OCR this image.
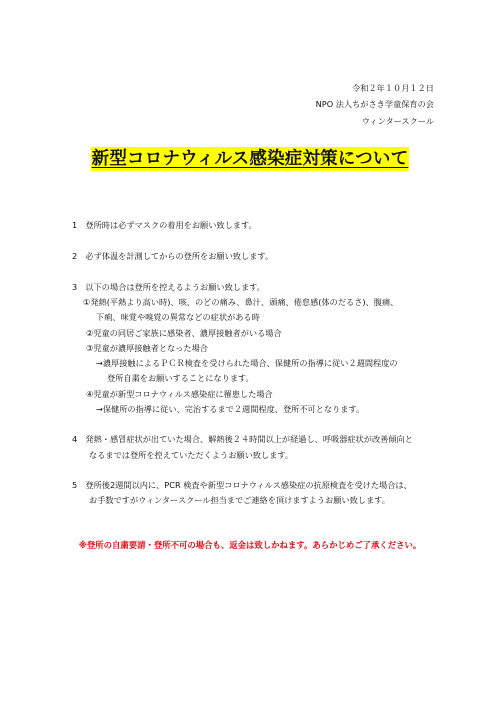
令和２年１０月１２日
NPO 法人ちがさき学童保育の会
ウィンタースクール
新型コロナウィルス感染症対策について
1　登所時は必ずマスクの着用をお願い致します。
2　必ず体温を計測してからの登所をお願い致します。
3　以下の場合は登所を控えるようお願い致します。
①発熱(平熱より高い時)、咳、のどの痛み、鼻汁、頭痛、倦怠感(体のだるさ)、腹痛、
下痢、味覚や嗅覚の異常などの症状がある時
②児童の同居ご家族に感染者、濃厚接触者がいる場合
③児童が濃厚接触者となった場合
→濃厚接触によるＰＣＲ検査を受けられた場合、保健所の指導に従い２週間程度の
登所自粛をお願いすることになります。
④児童が新型コロナウィルス感染症に罹患した場合
→保健所の指導に従い、完治するまで２週間程度、登所不可となります。
4　発熱・感冒症状が出ていた場合、解熱後２４時間以上が経過し、呼吸器症状が改善傾向と
なるまでは登所を控えていただくようお願い致します。
5　登所後2週間以内に、PCR 検査や新型コロナウィルス感染症の抗原検査を受けた場合は、
お手数ですがウィンタースクール担当までご連絡を頂けますようお願い致します。
※登所の自粛要請・登所不可の場合も、返金は致しかねます。あらかじめご了承ください。
